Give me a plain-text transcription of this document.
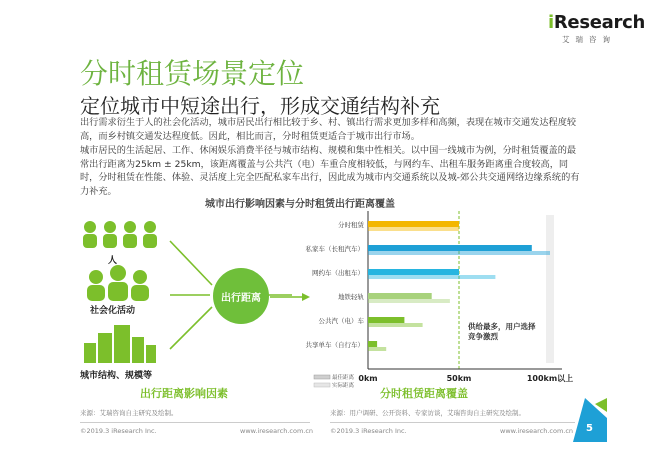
iResearch
艾瑞咨询
分时租赁场景定位
定位城市中短途出行，形成交通结构补充
出行需求衍生于人的社会化活动，城市居民出行相比较于乡、村、镇出行需求更加多样和高频，表现在城市交通发达程度较高，而乡村镇交通发达程度低。因此，相比而言，分时租赁更适合于城市出行市场。
城市居民的生活起居、工作、休闲娱乐消费半径与城市结构、规模和集中性相关。以中国一线城市为例，分时租赁覆盖的最常出行距离为25km ± 25km，该距离覆盖与公共汽（电）车重合度相较低，与网约车、出租车服务距离重合度较高，同时，分时租赁在性能、体验、灵活度上完全匹配私家车出行，因此成为城市内交通系统以及城-郊公共交通网络边缘系统的有力补充。
城市出行影响因素与分时租赁出行距离覆盖
人
社会化活动
城市结构、规模等
出行距离
出行距离影响因素
分时租赁
私家车（长租汽车）
网约车（出租车）
地铁轻轨
公共汽（电）车
共享单车（自行车）
0km	50km	100km以上
最佳距离
实际距离
供给最多，用户选择竞争激烈
分时租赁距离覆盖
来源：艾瑞咨询自主研究及绘制。	来源：用户调研、公开资料、专家访谈，艾瑞咨询自主研究及绘制。
©2019.3 iResearch Inc.	www.iresearch.com.cn	©2019.3 iResearch Inc.	www.iresearch.com.cn 5
